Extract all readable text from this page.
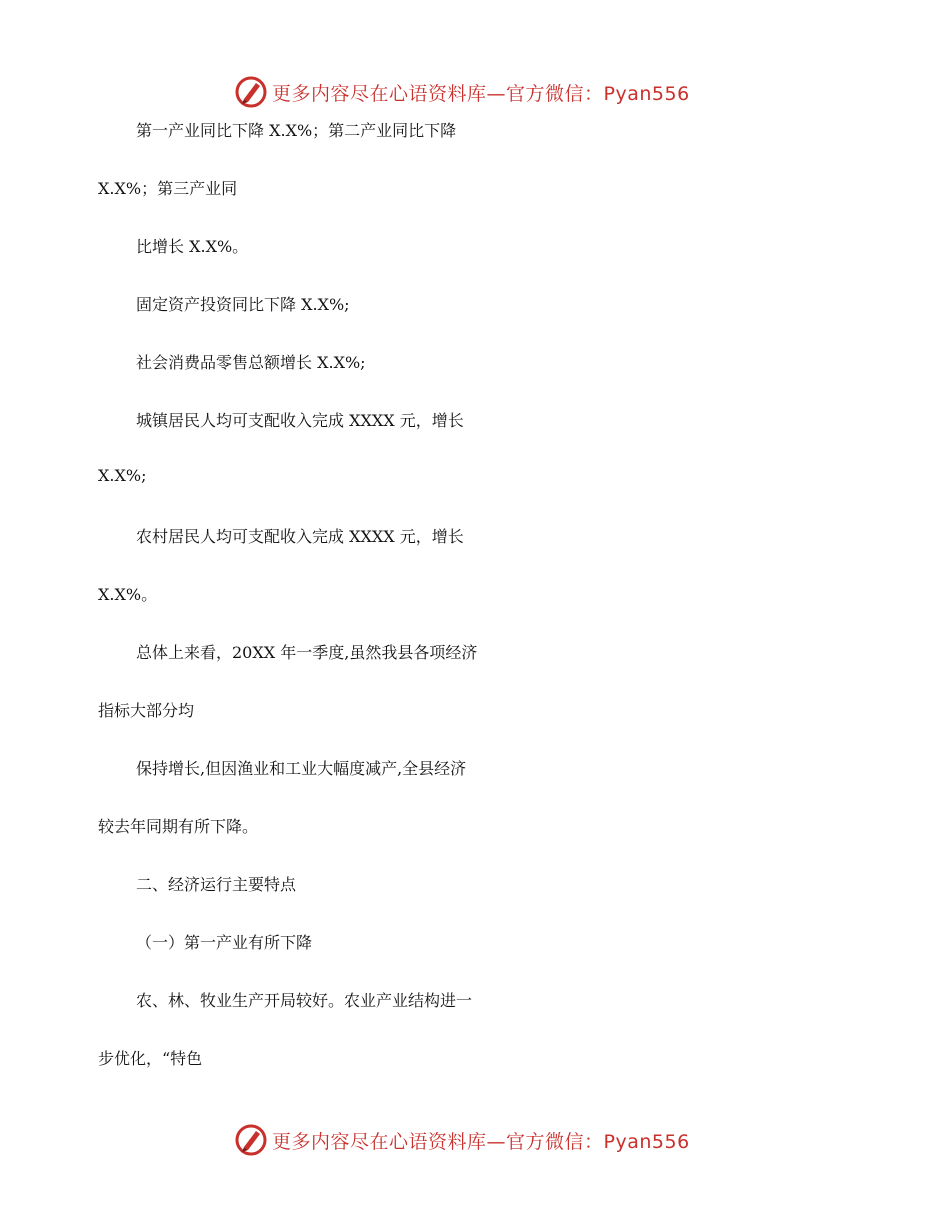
更多内容尽在心语资料库—官方微信：Pyan556
第一产业同比下降 X.X%；第二产业同比下降
X.X%；第三产业同
比增长 X.X%。
固定资产投资同比下降 X.X%;
社会消费品零售总额增长 X.X%;
城镇居民人均可支配收入完成 XXXX 元，增长
X.X%;
农村居民人均可支配收入完成 XXXX 元，增长
X.X%。
总体上来看，20XX 年一季度,虽然我县各项经济
指标大部分均
保持增长,但因渔业和工业大幅度减产,全县经济
较去年同期有所下降。
二、经济运行主要特点
（一）第一产业有所下降
农、林、牧业生产开局较好。农业产业结构进一
步优化，“特色
更多内容尽在心语资料库—官方微信：Pyan556
